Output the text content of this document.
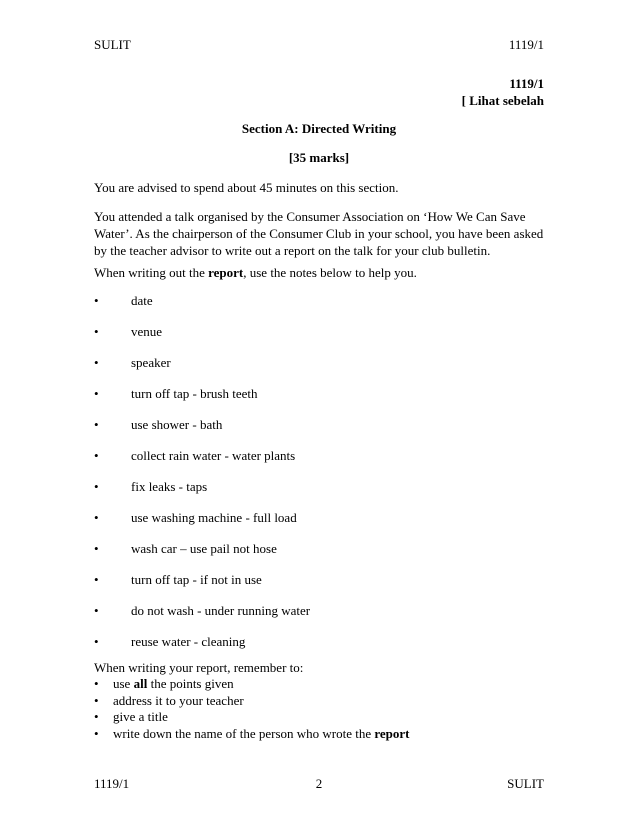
SULIT	1119/1
1119/1
[ Lihat sebelah
Section A: Directed Writing
[35 marks]
You are advised to spend about 45 minutes on this section.
You attended a talk organised by the Consumer Association on ‘How We Can Save Water’. As the chairperson of the Consumer Club in your school, you have been asked by the teacher advisor to write out a report on the talk for your club bulletin.
When writing out the report, use the notes below to help you.
•	date
•	venue
•	speaker
•	turn off tap - brush teeth
•	use shower - bath
•	collect rain water - water plants
•	fix leaks - taps
•	use washing machine - full load
•	wash car – use pail not hose
•	turn off tap - if not in use
•	do not wash - under running water
•	reuse water - cleaning
When writing your report, remember to:
•	use all the points given
•	address it to your teacher
•	give a title
•	write down the name of the person who wrote the report
1119/1	2	SULIT
